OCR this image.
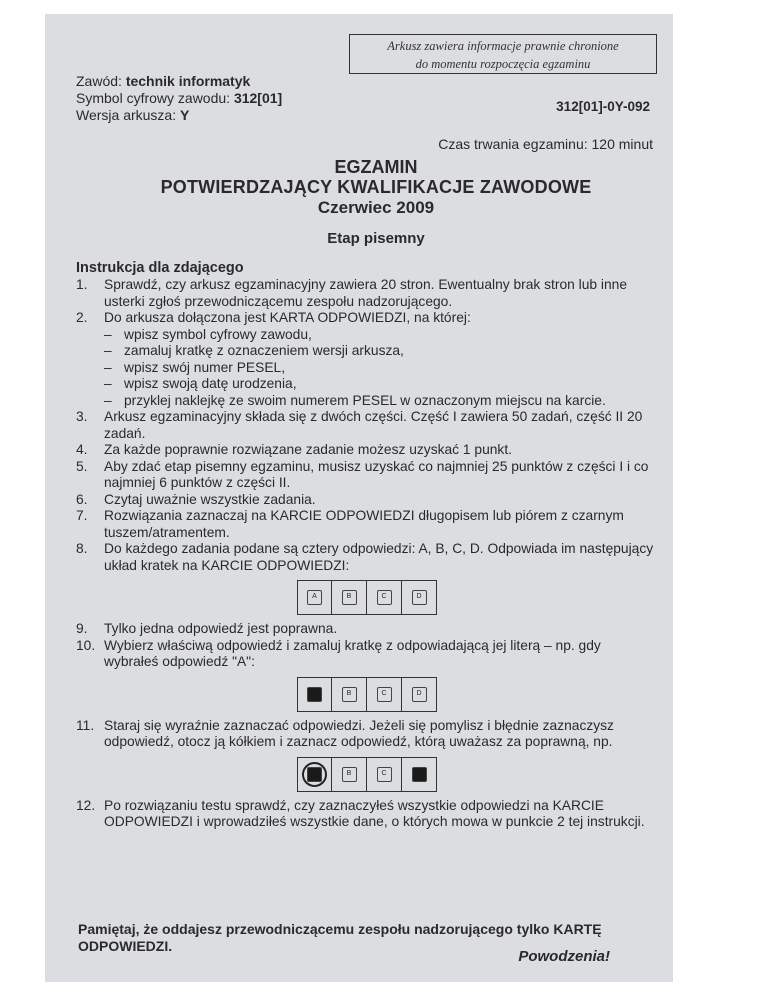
Arkusz zawiera informacje prawnie chronione
do momentu rozpoczęcia egzaminu
Zawód: technik informatyk
Symbol cyfrowy zawodu: 312[01]
Wersja arkusza: Y
312[01]-0Y-092
Czas trwania egzaminu: 120 minut
EGZAMIN
POTWIERDZAJĄCY KWALIFIKACJE ZAWODOWE
Czerwiec 2009
Etap pisemny
Instrukcja dla zdającego
1.	Sprawdź, czy arkusz egzaminacyjny zawiera 20 stron. Ewentualny brak stron lub inne usterki zgłoś przewodniczącemu zespołu nadzorującego.
2.	Do arkusza dołączona jest KARTA ODPOWIEDZI, na której:
– wpisz symbol cyfrowy zawodu,
– zamaluj kratkę z oznaczeniem wersji arkusza,
– wpisz swój numer PESEL,
– wpisz swoją datę urodzenia,
– przyklej naklejkę ze swoim numerem PESEL w oznaczonym miejscu na karcie.
3.	Arkusz egzaminacyjny składa się z dwóch części. Część I zawiera 50 zadań, część II 20 zadań.
4.	Za każde poprawnie rozwiązane zadanie możesz uzyskać 1 punkt.
5.	Aby zdać etap pisemny egzaminu, musisz uzyskać co najmniej 25 punktów z części I i co najmniej 6 punktów z części II.
6.	Czytaj uważnie wszystkie zadania.
7.	Rozwiązania zaznaczaj na KARCIE ODPOWIEDZI długopisem lub piórem z czarnym tuszem/atramentem.
8.	Do każdego zadania podane są cztery odpowiedzi: A, B, C, D. Odpowiada im następujący układ kratek na KARCIE ODPOWIEDZI:
A	B	C	D
9.	Tylko jedna odpowiedź jest poprawna.
10. Wybierz właściwą odpowiedź i zamaluj kratkę z odpowiadającą jej literą – np. gdy wybrałeś odpowiedź "A":
A	B	C	D
11. Staraj się wyraźnie zaznaczać odpowiedzi. Jeżeli się pomylisz i błędnie zaznaczysz odpowiedź, otocz ją kółkiem i zaznacz odpowiedź, którą uważasz za poprawną, np.
A	B	C	D
12. Po rozwiązaniu testu sprawdź, czy zaznaczyłeś wszystkie odpowiedzi na KARCIE ODPOWIEDZI i wprowadziłeś wszystkie dane, o których mowa w punkcie 2 tej instrukcji.
Pamiętaj, że oddajesz przewodniczącemu zespołu nadzorującego tylko KARTĘ ODPOWIEDZI.
Powodzenia!
